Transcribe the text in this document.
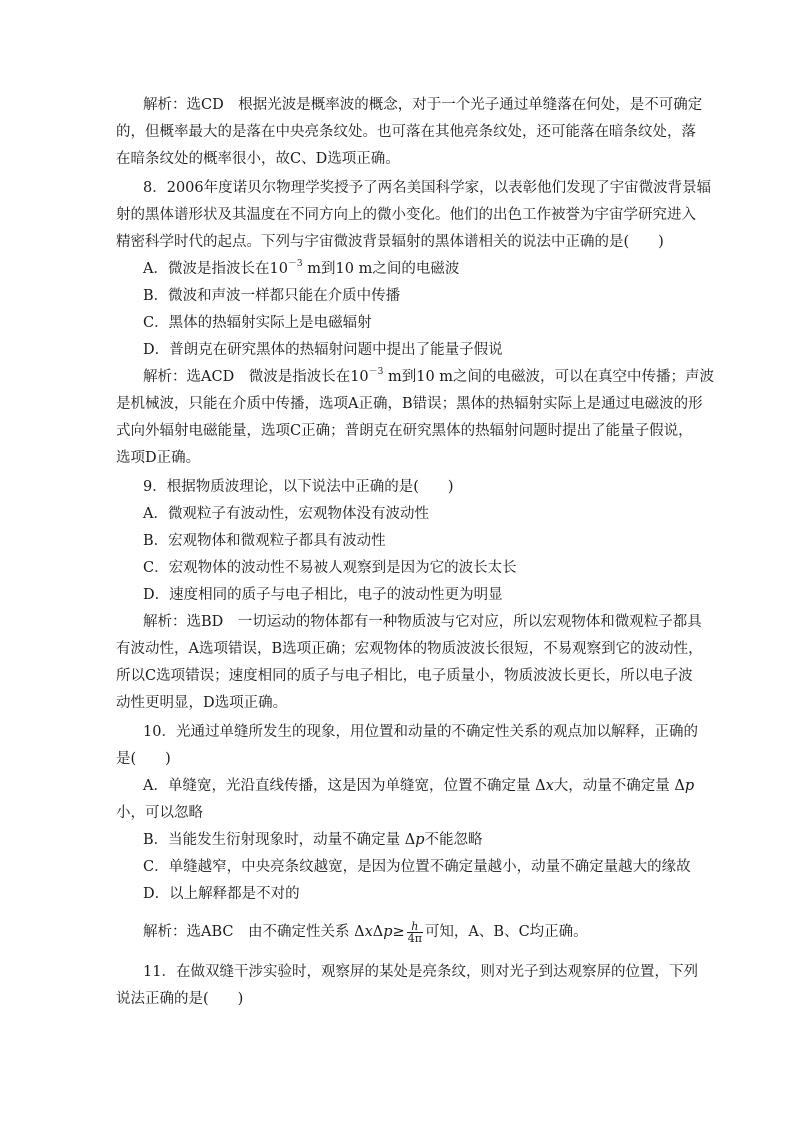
解析：选CD　根据光波是概率波的概念，对于一个光子通过单缝落在何处，是不可确定
的，但概率最大的是落在中央亮条纹处。也可落在其他亮条纹处，还可能落在暗条纹处，落
在暗条纹处的概率很小，故C、D选项正确。
8．2006年度诺贝尔物理学奖授予了两名美国科学家，以表彰他们发现了宇宙微波背景辐
射的黑体谱形状及其温度在不同方向上的微小变化。他们的出色工作被誉为宇宙学研究进入
精密科学时代的起点。下列与宇宙微波背景辐射的黑体谱相关的说法中正确的是(　　)
A．微波是指波长在$10^{-3}$ m到10 m之间的电磁波
B．微波和声波一样都只能在介质中传播
C．黑体的热辐射实际上是电磁辐射
D．普朗克在研究黑体的热辐射问题中提出了能量子假说
解析：选ACD　微波是指波长在$10^{-3}$ m到10 m之间的电磁波，可以在真空中传播；声波
是机械波，只能在介质中传播，选项A正确，B错误；黑体的热辐射实际上是通过电磁波的形
式向外辐射电磁能量，选项C正确；普朗克在研究黑体的热辐射问题时提出了能量子假说，
选项D正确。
9．根据物质波理论，以下说法中正确的是(　　)
A．微观粒子有波动性，宏观物体没有波动性
B．宏观物体和微观粒子都具有波动性
C．宏观物体的波动性不易被人观察到是因为它的波长太长
D．速度相同的质子与电子相比，电子的波动性更为明显
解析：选BD　一切运动的物体都有一种物质波与它对应，所以宏观物体和微观粒子都具
有波动性，A选项错误，B选项正确；宏观物体的物质波波长很短，不易观察到它的波动性，
所以C选项错误；速度相同的质子与电子相比，电子质量小，物质波波长更长，所以电子波
动性更明显，D选项正确。
10．光通过单缝所发生的现象，用位置和动量的不确定性关系的观点加以解释，正确的
是(　　)
A．单缝宽，光沿直线传播，这是因为单缝宽，位置不确定量 Δx大，动量不确定量 Δp
小，可以忽略
B．当能发生衍射现象时，动量不确定量 Δp不能忽略
C．单缝越窄，中央亮条纹越宽，是因为位置不确定量越小，动量不确定量越大的缘故
D．以上解释都是不对的
解析：选ABC　由不确定性关系 $\Delta x\Delta p\ge \frac{h}{4\pi}$ 可知，A、B、C均正确。
11．在做双缝干涉实验时，观察屏的某处是亮条纹，则对光子到达观察屏的位置，下列
说法正确的是(　　)
